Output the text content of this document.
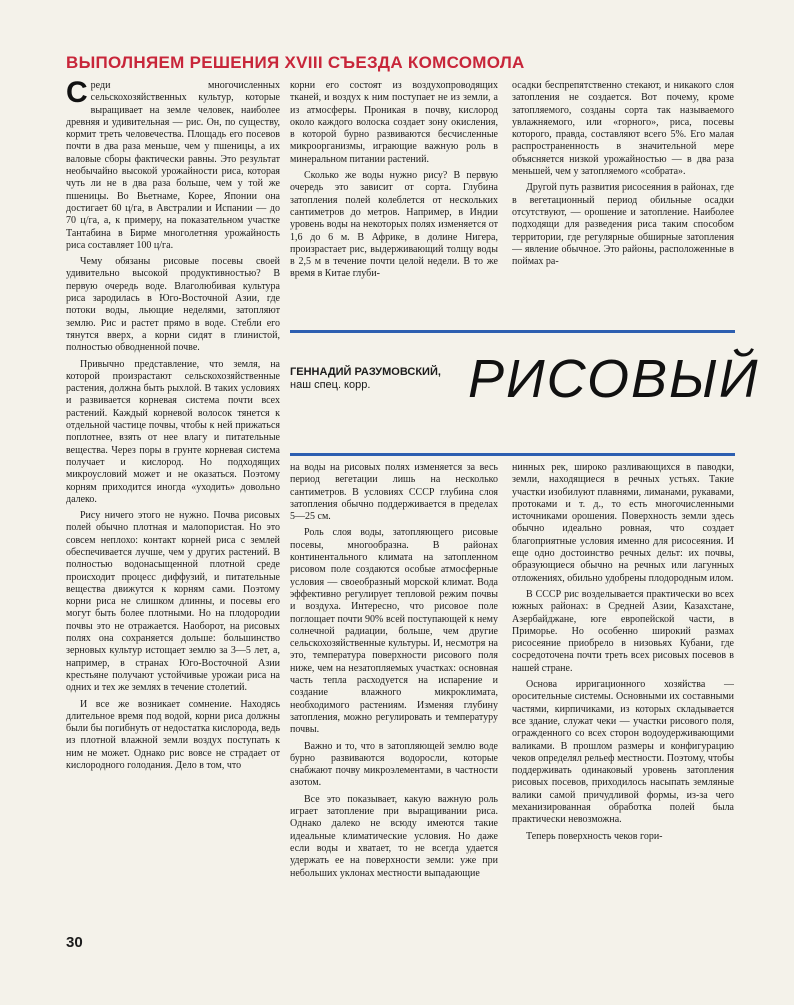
ВЫПОЛНЯЕМ РЕШЕНИЯ XVIII СЪЕЗДА КОМСОМОЛА

Среди многочисленных сельскохозяйственных культур, которые выращивает на земле человек, наиболее древняя и удивительная — рис. Он, по существу, кормит треть человечества. Площадь его посевов почти в два раза меньше, чем у пшеницы, а их валовые сборы фактически равны. Это результат необычайно высокой урожайности риса, которая чуть ли не в два раза больше, чем у той же пшеницы. Во Вьетнаме, Корее, Японии она достигает 60 ц/га, в Австралии и Испании — до 70 ц/га, а, к примеру, на показательном участке Тантабина в Бирме многолетняя урожайность риса составляет 100 ц/га.

Чему обязаны рисовые посевы своей удивительно высокой продуктивностью? В первую очередь воде. Влаголюбивая культура риса зародилась в Юго-Восточной Азии, где потоки воды, льющие неделями, затопляют землю. Рис и растет прямо в воде. Стебли его тянутся вверх, а корни сидят в глинистой, полностью обводненной почве.

Привычно представление, что земля, на которой произрастают сельскохозяйственные растения, должна быть рыхлой. В таких условиях и развивается корневая система почти всех растений. Каждый корневой волосок тянется к отдельной частице почвы, чтобы к ней прижаться поплотнее, взять от нее влагу и питательные вещества. Через поры в грунте корневая система получает и кислород. Но подходящих микроусловий может и не оказаться. Поэтому корням приходится иногда «уходить» довольно далеко.

Рису ничего этого не нужно. Почва рисовых полей обычно плотная и малопористая. Но это совсем неплохо: контакт корней риса с землей обеспечивается лучше, чем у других растений. В полностью водонасыщенной плотной среде происходит процесс диффузий, и питательные вещества движутся к корням сами. Поэтому корни риса не слишком длинны, и посевы его могут быть более плотными. Но на плодородии почвы это не отражается. Наоборот, на рисовых полях она сохраняется дольше: большинство зерновых культур истощает землю за 3—5 лет, а, например, в странах Юго-Восточной Азии крестьяне получают устойчивые урожаи риса на одних и тех же землях в течение столетий.

И все же возникает сомнение. Находясь длительное время под водой, корни риса должны были бы погибнуть от недостатка кислорода, ведь из плотной влажной земли воздух поступать к ним не может. Однако рис вовсе не страдает от кислородного голодания. Дело в том, что

корни его состоят из воздухопроводящих тканей, и воздух к ним поступает не из земли, а из атмосферы. Проникая в почву, кислород около каждого волоска создает зону окисления, в которой бурно развиваются бесчисленные микроорганизмы, играющие важную роль в минеральном питании растений.

Сколько же воды нужно рису? В первую очередь это зависит от сорта. Глубина затопления полей колеблется от нескольких сантиметров до метров. Например, в Индии уровень воды на некоторых полях изменяется от 1,6 до 6 м. В Африке, в долине Нигера, произрастает рис, выдерживающий толщу воды в 2,5 м в течение почти целой недели. В то же время в Китае глуби-

осадки беспрепятственно стекают, и никакого слоя затопления не создается. Вот почему, кроме затопляемого, созданы сорта так называемого увлажняемого, или «горного», риса, посевы которого, правда, составляют всего 5%. Его малая распространенность в значительной мере объясняется низкой урожайностью — в два раза меньшей, чем у затопляемого «собрата».

Другой путь развития рисосеяния в районах, где в вегетационный период обильные осадки отсутствуют, — орошение и затопление. Наиболее подходящи для разведения риса таким способом территории, где регулярные обширные затопления — явление обычное. Это районы, расположенные в поймах ра-

ГЕННАДИЙ РАЗУМОВСКИЙ,
наш спец. корр.	РИСОВЫЙ

на воды на рисовых полях изменяется за весь период вегетации лишь на несколько сантиметров. В условиях СССР глубина слоя затопления обычно поддерживается в пределах 5—25 см.

Роль слоя воды, затопляющего рисовые посевы, многообразна. В районах континентального климата на затопленном рисовом поле создаются особые атмосферные условия — своеобразный морской климат. Вода эффективно регулирует тепловой режим почвы и воздуха. Интересно, что рисовое поле поглощает почти 90% всей поступающей к нему солнечной радиации, больше, чем другие сельскохозяйственные культуры. И, несмотря на это, температура поверхности рисового поля ниже, чем на незатопляемых участках: основная часть тепла расходуется на испарение и создание влажного микроклимата, необходимого растениям. Изменяя глубину затопления, можно регулировать и температуру почвы.

Важно и то, что в затопляющей землю воде бурно развиваются водоросли, которые снабжают почву микроэлементами, в частности азотом.

Все это показывает, какую важную роль играет затопление при выращивании риса. Однако далеко не всюду имеются такие идеальные климатические условия. Но даже если воды и хватает, то не всегда удается удержать ее на поверхности земли: уже при небольших уклонах местности выпадающие

нинных рек, широко разливающихся в паводки, земли, находящиеся в речных устьях. Такие участки изобилуют плавнями, лиманами, рукавами, протоками и т. д., то есть многочисленными источниками орошения. Поверхность земли здесь обычно идеально ровная, что создает благоприятные условия именно для рисосеяния. И еще одно достоинство речных дельт: их почвы, образующиеся обычно на речных или лагунных отложениях, обильно удобрены плодородным илом.

В СССР рис возделывается практически во всех южных районах: в Средней Азии, Казахстане, Азербайджане, юге европейской части, в Приморье. Но особенно широкий размах рисосеяние приобрело в низовьях Кубани, где сосредоточена почти треть всех рисовых посевов в нашей стране.

Основа ирригационного хозяйства — оросительные системы. Основными их составными частями, кирпичиками, из которых складывается все здание, служат чеки — участки рисового поля, огражденного со всех сторон водоудерживающими валиками. В прошлом размеры и конфигурацию чеков определял рельеф местности. Поэтому, чтобы поддерживать одинаковый уровень затопления рисовых посевов, приходилось насыпать земляные валики самой причудливой формы, из-за чего механизированная обработка полей была практически невозможна.

Теперь поверхность чеков гори-

30
